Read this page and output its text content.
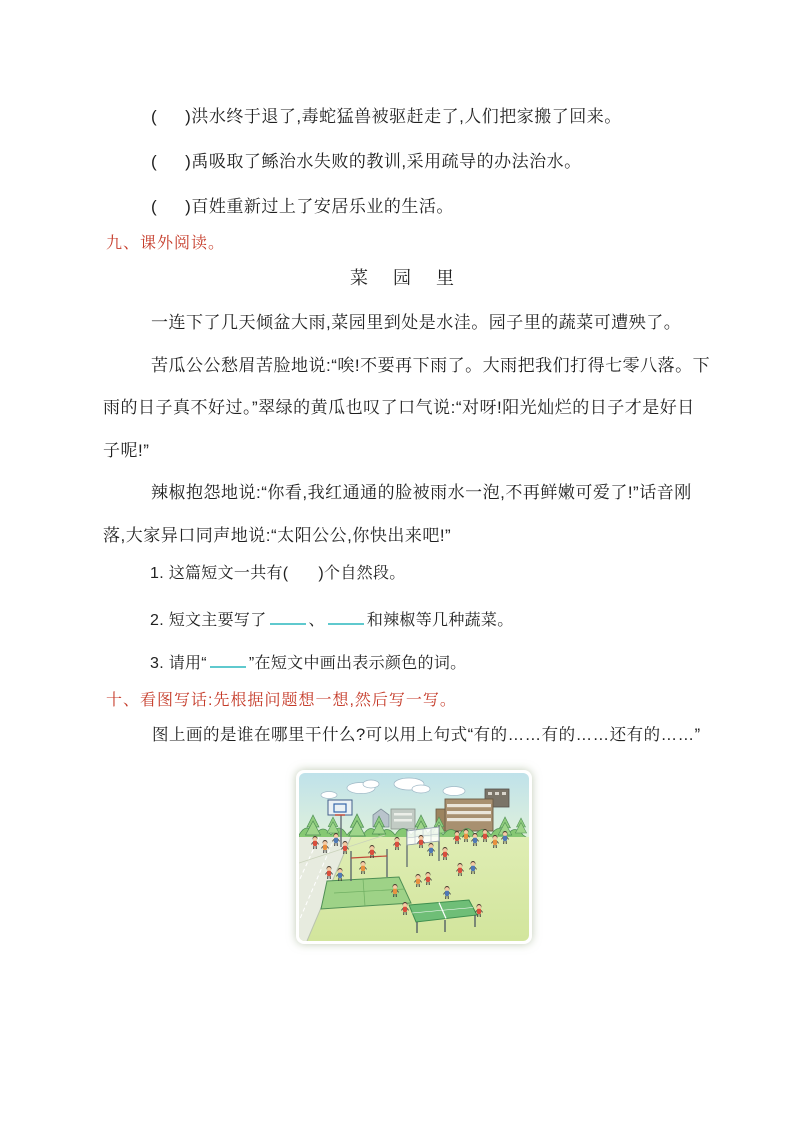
( )洪水终于退了,毒蛇猛兽被驱赶走了,人们把家搬了回来。
( )禹吸取了鲧治水失败的教训,采用疏导的办法治水。
( )百姓重新过上了安居乐业的生活。
九、课外阅读。
菜 园 里
一连下了几天倾盆大雨,菜园里到处是水洼。园子里的蔬菜可遭殃了。
苦瓜公公愁眉苦脸地说:“唉!不要再下雨了。大雨把我们打得七零八落。下
雨的日子真不好过。”翠绿的黄瓜也叹了口气说:“对呀!阳光灿烂的日子才是好日
子呢!”
辣椒抱怨地说:“你看,我红通通的脸被雨水一泡,不再鲜嫩可爱了!”话音刚
落,大家异口同声地说:“太阳公公,你快出来吧!”
1. 这篇短文一共有( )个自然段。
2. 短文主要写了	、	和辣椒等几种蔬菜。
3. 请用“	”在短文中画出表示颜色的词。
十、看图写话:先根据问题想一想,然后写一写。
图上画的是谁在哪里干什么?可以用上句式“有的……有的……还有的……”
